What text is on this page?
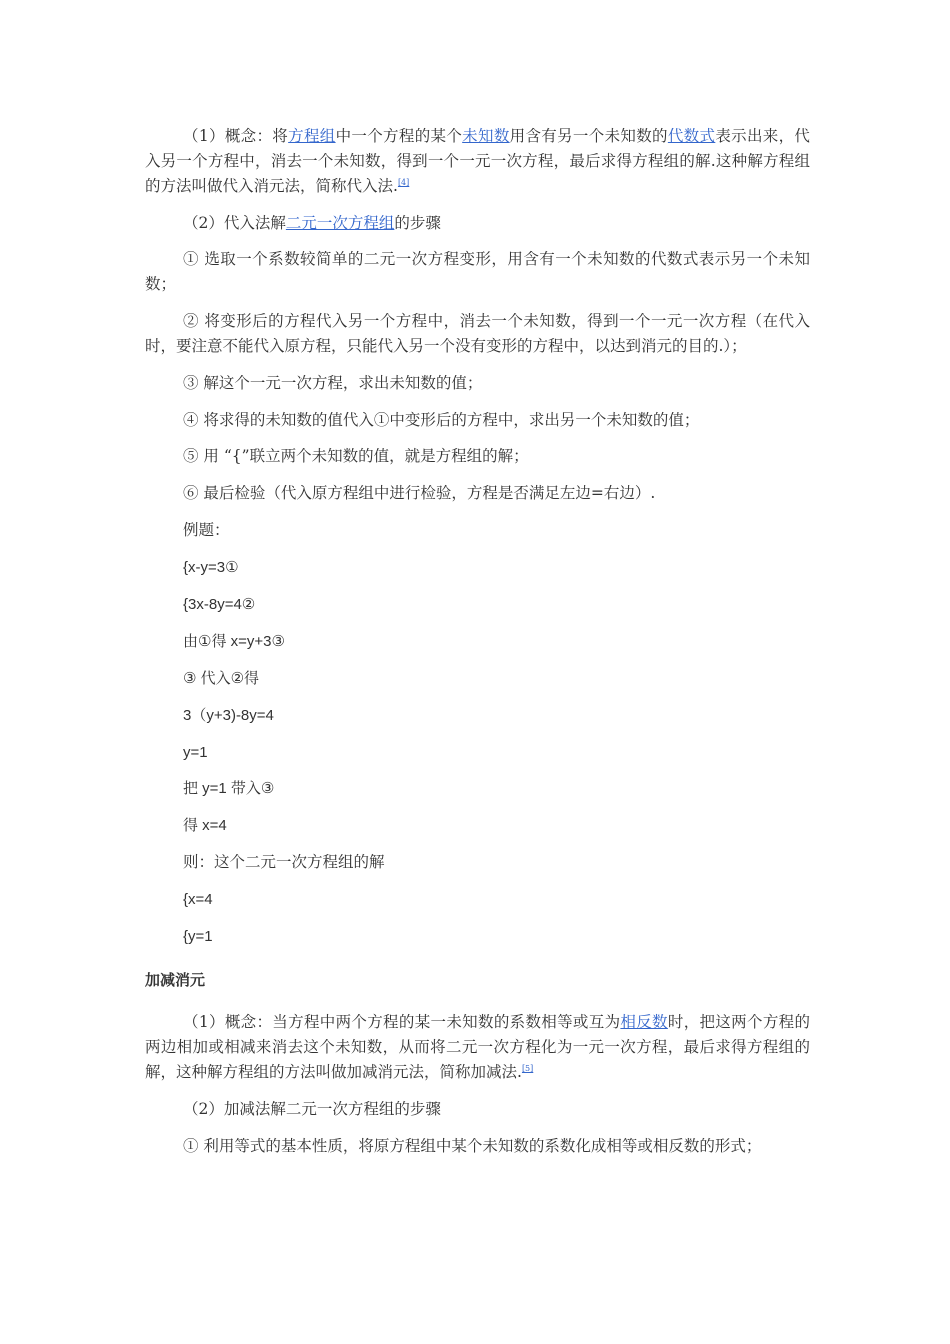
（1）概念：将方程组中一个方程的某个未知数用含有另一个未知数的代数式表示出来，代入另一个方程中，消去一个未知数，得到一个一元一次方程，最后求得方程组的解.这种解方程组的方法叫做代入消元法，简称代入法.[4]

（2）代入法解二元一次方程组的步骤

① 选取一个系数较简单的二元一次方程变形，用含有一个未知数的代数式表示另一个未知数；

② 将变形后的方程代入另一个方程中，消去一个未知数，得到一个一元一次方程（在代入时，要注意不能代入原方程，只能代入另一个没有变形的方程中，以达到消元的目的.）；

③ 解这个一元一次方程，求出未知数的值；

④ 将求得的未知数的值代入①中变形后的方程中，求出另一个未知数的值；

⑤ 用 “{”联立两个未知数的值，就是方程组的解；

⑥ 最后检验（代入原方程组中进行检验，方程是否满足左边=右边）.

例题：

{x-y=3①

{3x-8y=4②

由①得 x=y+3③

③ 代入②得

3（y+3)-8y=4

y=1

把 y=1 带入③

得 x=4

则：这个二元一次方程组的解

{x=4

{y=1

加减消元

（1）概念：当方程中两个方程的某一未知数的系数相等或互为相反数时，把这两个方程的两边相加或相减来消去这个未知数，从而将二元一次方程化为一元一次方程，最后求得方程组的解，这种解方程组的方法叫做加减消元法，简称加减法.[5]

（2）加减法解二元一次方程组的步骤

① 利用等式的基本性质，将原方程组中某个未知数的系数化成相等或相反数的形式；
